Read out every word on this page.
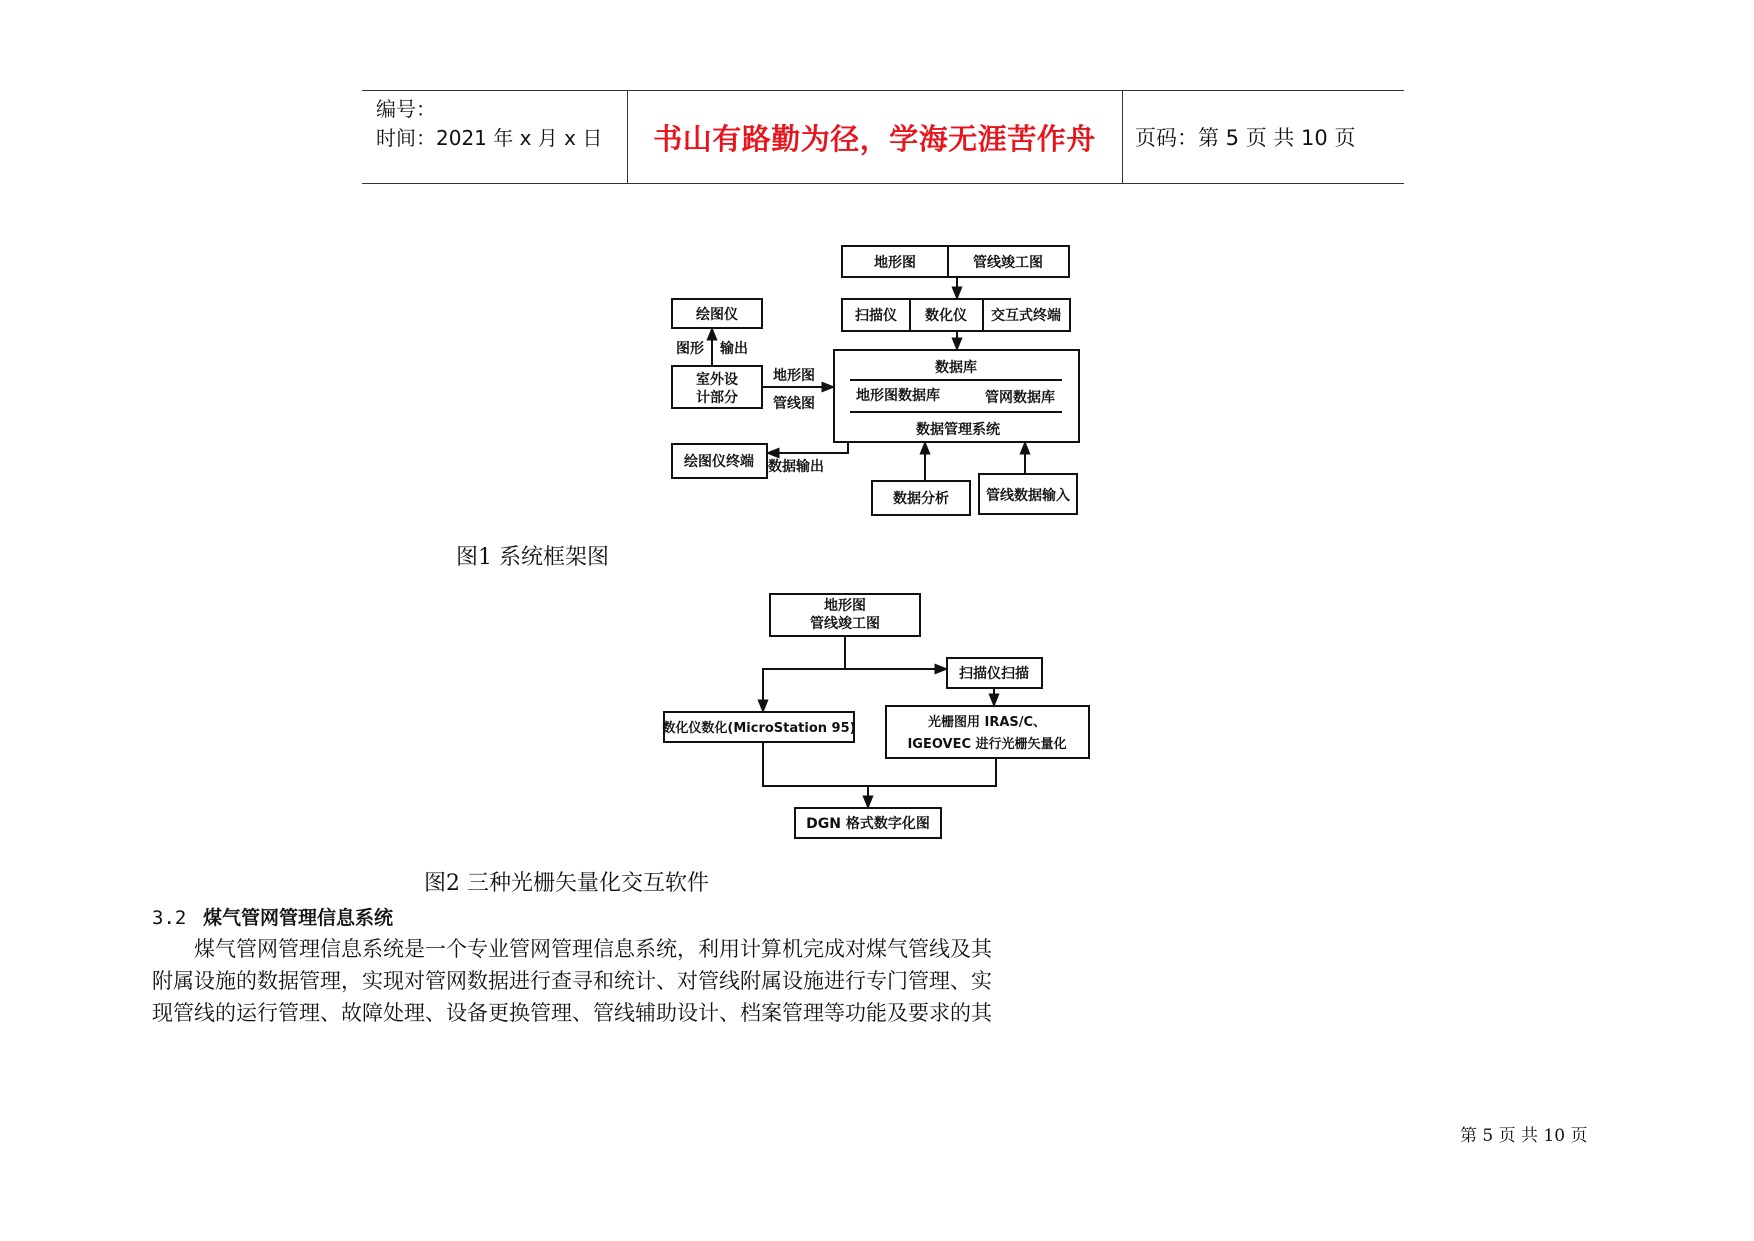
编号：
时间：2021 年 x 月 x 日	书山有路勤为径，学海无涯苦作舟	页码：第 5 页 共 10 页
地形图	管线竣工图
扫描仪 数化仪 交互式终端
绘图仪
室外设
计部分
数据库
地形图数据库	管网数据库
数据管理系统
绘图仪终端
数据分析	管线数据输入
图形 输出
地形图
管线图
数据输出
地形图
管线竣工图
扫描仪扫描
数化仪数化(MicroStation 95)	光栅图用 IRAS/C、
IGEOVEC 进行光栅矢量化
DGN 格式数字化图
图1 系统框架图
图2 三种光栅矢量化交互软件
3.2 煤气管网管理信息系统
煤气管网管理信息系统是一个专业管网管理信息系统，利用计算机完成对煤气管线及其
附属设施的数据管理，实现对管网数据进行查寻和统计、对管线附属设施进行专门管理、实
现管线的运行管理、故障处理、设备更换管理、管线辅助设计、档案管理等功能及要求的其
第 5 页 共 10 页
